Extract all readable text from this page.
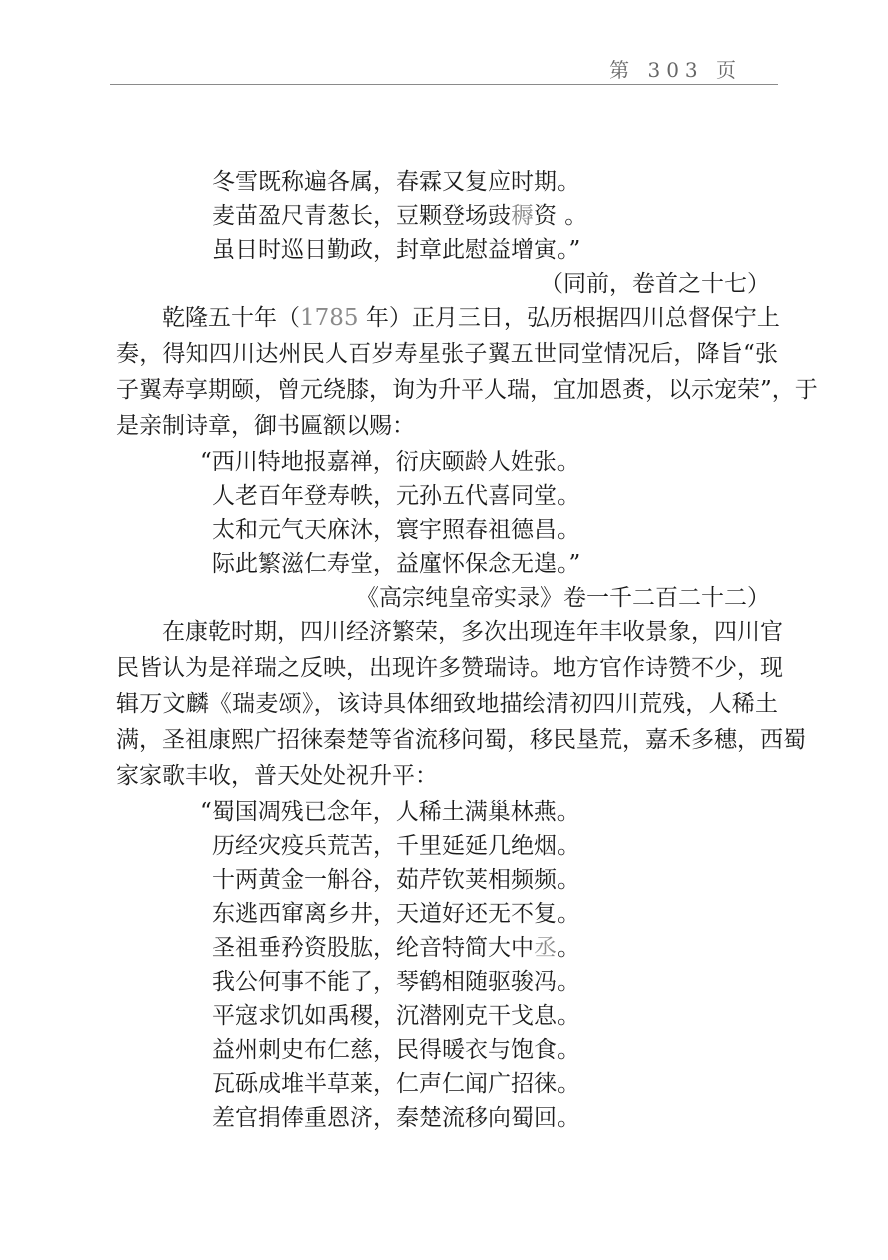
第 303 页
冬雪既称遍各属，春霖又复应时期。
麦苗盈尺青葱长，豆颗登场豉䅶资 。
虽日时巡日勤政，封章此慰益增寅。”
（同前，卷首之十七）
乾隆五十年（1785 年）正月三日，弘历根据四川总督保宁上
奏，得知四川达州民人百岁寿星张子翼五世同堂情况后，降旨“张
子翼寿享期颐，曾元绕膝，询为升平人瑞，宜加恩赉，以示宠荣”，于
是亲制诗章，御书匾额以赐：
“西川特地报嘉禅，衍庆颐龄人姓张。
人老百年登寿帙，元孙五代喜同堂。
太和元气天庥沐，寰宇照春祖德昌。
际此繁滋仁寿堂，益廑怀保念无遑。”
《高宗纯皇帝实录》卷一千二百二十二）
在康乾时期，四川经济繁荣，多次出现连年丰收景象，四川官
民皆认为是祥瑞之反映，出现许多赞瑞诗。地方官作诗赞不少，现
辑万文麟《瑞麦颂》，该诗具体细致地描绘清初四川荒残，人稀土
满，圣祖康熙广招徕秦楚等省流移问蜀，移民垦荒，嘉禾多穗，西蜀
家家歌丰收，普天处处祝升平：
“蜀国凋残已念年，人稀土满巢林燕。
历经灾疫兵荒苦，千里延延几绝烟。
十两黄金一斛谷，茹芹钦荚相频频。
东逃西窜离乡井，天道好还无不复。
圣祖垂矜资股肱，纶音特简大中丞。
我公何事不能了，琴鹤相随驱骏冯。
平寇求饥如禹稷，沉潜刚克干戈息。
益州刺史布仁慈，民得暖衣与饱食。
瓦砾成堆半草莱，仁声仁闻广招徕。
差官捐俸重恩济，秦楚流移向蜀回。
